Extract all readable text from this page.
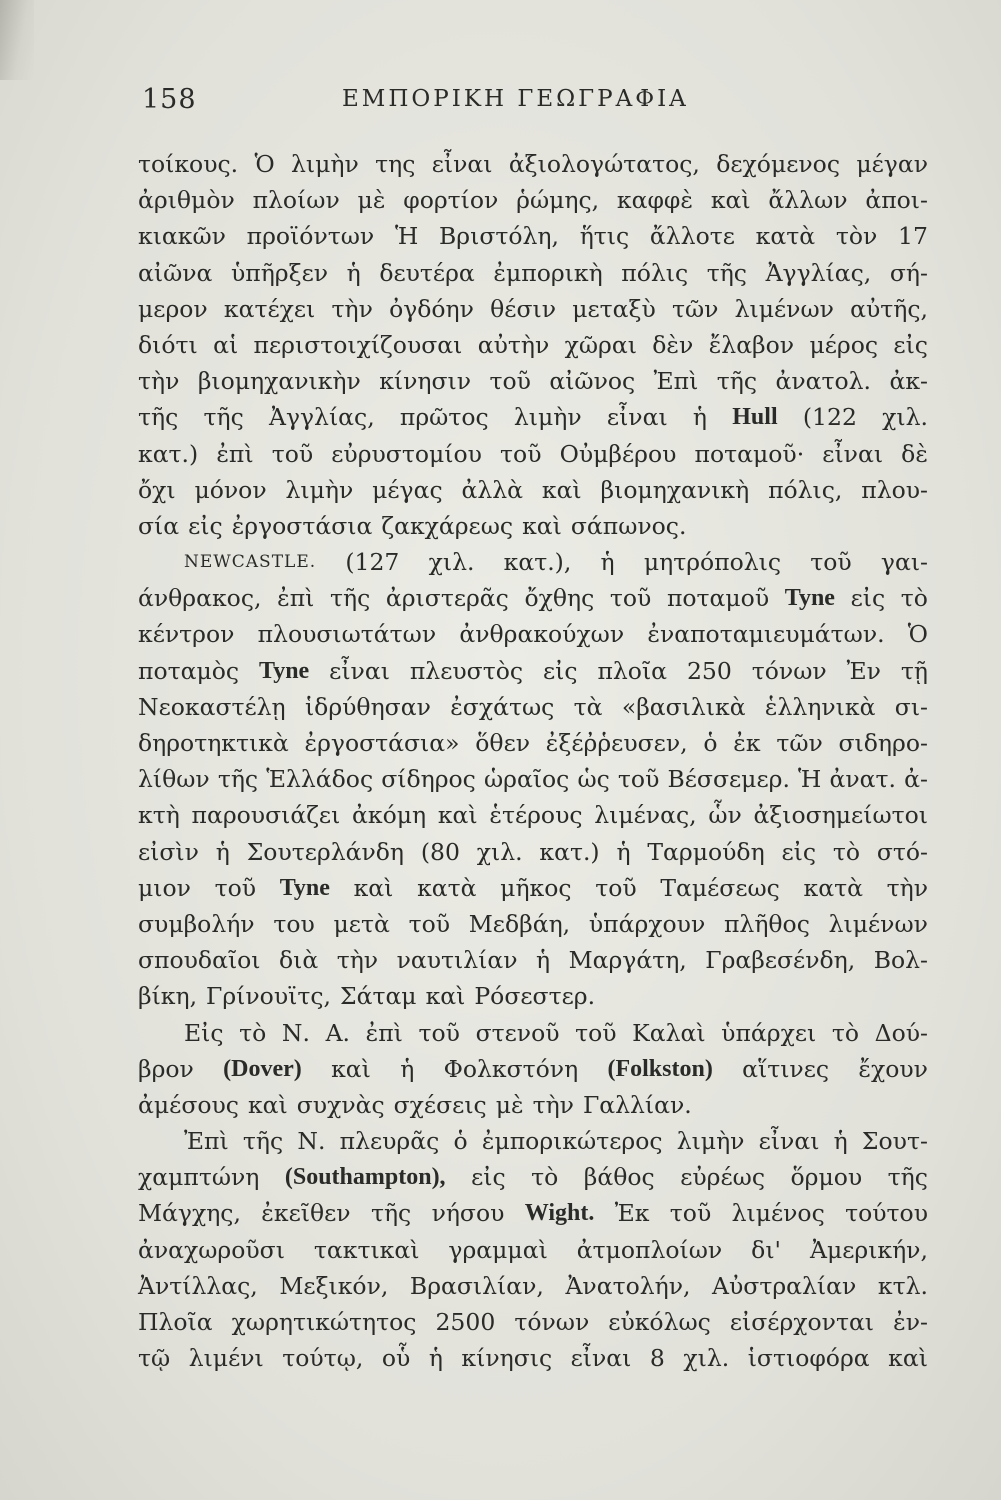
158	ΕΜΠΟΡΙΚΗ ΓΕΩΓΡΑΦΙΑ
τοίκους. Ὁ λιμὴν της εἶναι ἀξιολογώτατος, δεχόμενος μέγαν
ἀριθμὸν πλοίων μὲ φορτίον ῥώμης, καφφὲ καὶ ἄλλων ἀποι-
κιακῶν προϊόντων Ἡ Βριστόλη, ἥτις ἄλλοτε κατὰ τὸν 17
αἰῶνα ὑπῆρξεν ἡ δευτέρα ἐμπορικὴ πόλις τῆς Ἀγγλίας, σή-
μερον κατέχει τὴν ὀγδόην θέσιν μεταξὺ τῶν λιμένων αὐτῆς,
διότι αἱ περιστοιχίζουσαι αὐτὴν χῶραι δὲν ἔλαβον μέρος εἰς
τὴν βιομηχανικὴν κίνησιν τοῦ αἰῶνος Ἐπὶ τῆς ἀνατολ. ἀκ-
τῆς τῆς Ἀγγλίας, πρῶτος λιμὴν εἶναι ἡ Hull (122 χιλ.
κατ.) ἐπὶ τοῦ εὐρυστομίου τοῦ Οὐμβέρου ποταμοῦ· εἶναι δὲ
ὄχι μόνον λιμὴν μέγας ἀλλὰ καὶ βιομηχανικὴ πόλις, πλου-
σία εἰς ἐργοστάσια ζακχάρεως καὶ σάπωνος.
NEWCASTLE. (127 χιλ. κατ.), ἡ μητρόπολις τοῦ γαι-
άνθρακος, ἐπὶ τῆς ἀριστερᾶς ὄχθης τοῦ ποταμοῦ Tyne εἰς τὸ
κέντρον πλουσιωτάτων ἀνθρακούχων ἐναποταμιευμάτων. Ὁ
ποταμὸς Tyne εἶναι πλευστὸς εἰς πλοῖα 250 τόνων Ἐν τῇ
Νεοκαστέλῃ ἱδρύθησαν ἐσχάτως τὰ «βασιλικὰ ἑλληνικὰ σι-
δηροτηκτικὰ ἐργοστάσια» ὅθεν ἐξέῤῥευσεν, ὁ ἐκ τῶν σιδηρο-
λίθων τῆς Ἑλλάδος σίδηρος ὡραῖος ὡς τοῦ Βέσσεμερ. Ἡ ἀνατ. ἀ-
κτὴ παρουσιάζει ἀκόμη καὶ ἑτέρους λιμένας, ὧν ἀξιοσημείωτοι
εἰσὶν ἡ Σουτερλάνδη (80 χιλ. κατ.) ἡ Ταρμούδη εἰς τὸ στό-
μιον τοῦ Tyne καὶ κατὰ μῆκος τοῦ Ταμέσεως κατὰ τὴν
συμβολήν του μετὰ τοῦ Μεδβάη, ὑπάρχουν πλῆθος λιμένων
σπουδαῖοι διὰ τὴν ναυτιλίαν ἡ Μαργάτη, Γραβεσένδη, Βολ-
βίκη, Γρίνουϊτς, Σάταμ καὶ Ρόσεστερ.
Εἰς τὸ Ν. Α. ἐπὶ τοῦ στενοῦ τοῦ Καλαὶ ὑπάρχει τὸ Δού-
βρον (Dover) καὶ ἡ Φολκστόνη (Folkston) αἵτινες ἔχουν
ἀμέσους καὶ συχνὰς σχέσεις μὲ τὴν Γαλλίαν.
Ἐπὶ τῆς Ν. πλευρᾶς ὁ ἐμπορικώτερος λιμὴν εἶναι ἡ Σουτ-
χαμπτώνη (Southampton), εἰς τὸ βάθος εὐρέως ὅρμου τῆς
Μάγχης, ἐκεῖθεν τῆς νήσου Wight. Ἐκ τοῦ λιμένος τούτου
ἀναχωροῦσι τακτικαὶ γραμμαὶ ἀτμοπλοίων δι' Ἀμερικήν,
Ἀντίλλας, Μεξικόν, Βρασιλίαν, Ἀνατολήν, Αὐστραλίαν κτλ.
Πλοῖα χωρητικώτητος 2500 τόνων εὐκόλως εἰσέρχονται ἐν-
τῷ λιμένι τούτῳ, οὗ ἡ κίνησις εἶναι 8 χιλ. ἱστιοφόρα καὶ
